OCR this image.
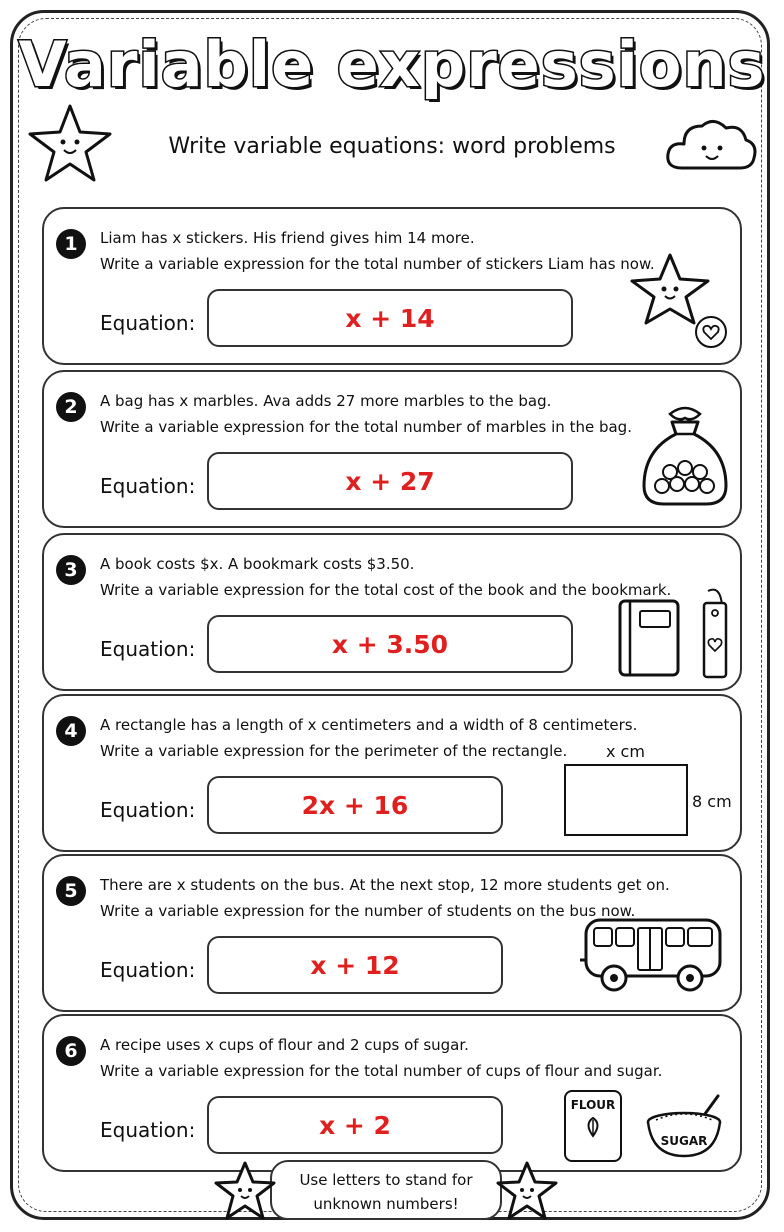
Variable expressions
Write variable equations: word problems
1	Liam has x stickers. His friend gives him 14 more.
Write a variable expression for the total number of stickers Liam has now.
Equation:	x + 14
2	A bag has x marbles. Ava adds 27 more marbles to the bag.
Write a variable expression for the total number of marbles in the bag.
Equation:	x + 27
3	A book costs $x. A bookmark costs $3.50.
Write a variable expression for the total cost of the book and the bookmark.
Equation:	x + 3.50
4	A rectangle has a length of x centimeters and a width of 8 centimeters.
Write a variable expression for the perimeter of the rectangle.
Equation:	2x + 16
x cm
8 cm
5	There are x students on the bus. At the next stop, 12 more students get on.
Write a variable expression for the number of students on the bus now.
Equation:	x + 12
6	A recipe uses x cups of flour and 2 cups of sugar.
Write a variable expression for the total number of cups of flour and sugar.
Equation:	x + 2
FLOUR
SUGAR
Use letters to stand for
unknown numbers!
